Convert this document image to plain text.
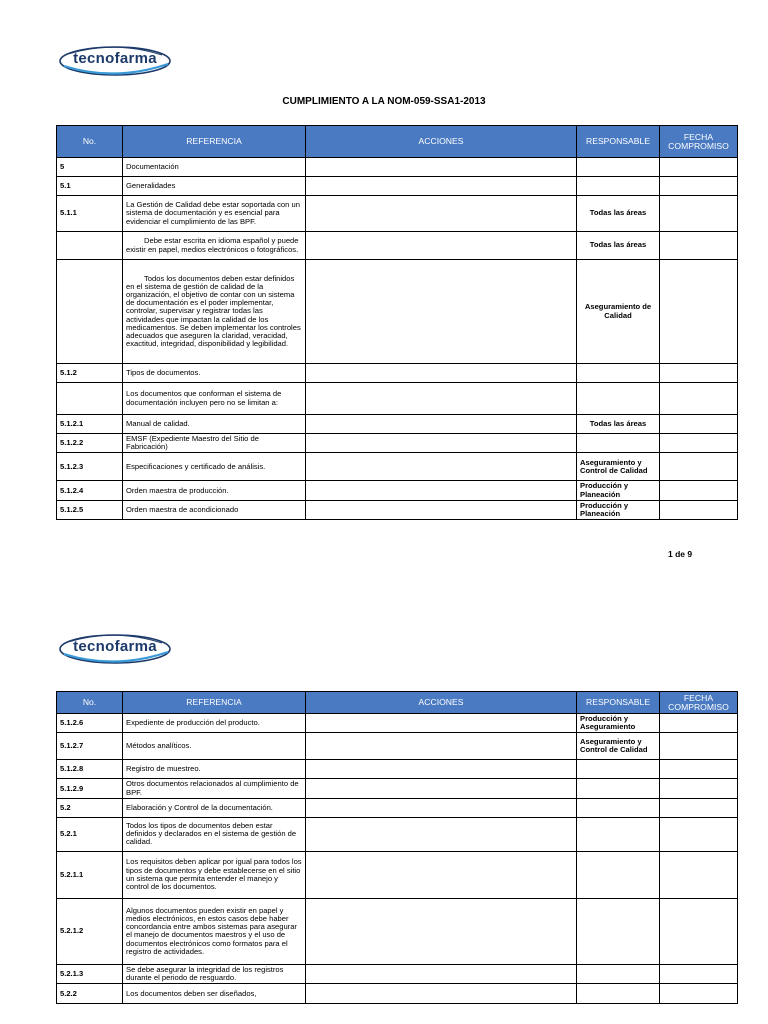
tecnofarma
CUMPLIMIENTO A LA NOM-059-SSA1-2013
No.	REFERENCIA	ACCIONES	RESPONSABLE	FECHA COMPROMISO
5	Documentación			
5.1	Generalidades			
5.1.1	La Gestión de Calidad debe estar soportada con un sistema de documentación y es esencial para evidenciar el cumplimiento de las BPF.		Todas las áreas	
	Debe estar escrita en idioma español y puede existir en papel, medios electrónicos o fotográficos.		Todas las áreas	
	Todos los documentos deben estar definidos en el sistema de gestión de calidad de la organización, el objetivo de contar con un sistema de documentación es el poder implementar, controlar, supervisar y registrar todas las actividades que impactan la calidad de los medicamentos. Se deben implementar los controles adecuados que aseguren la claridad, veracidad, exactitud, integridad, disponibilidad y legibilidad.		Aseguramiento de Calidad	
5.1.2	Tipos de documentos.			
	Los documentos que conforman el sistema de documentación incluyen pero no se limitan a:			
5.1.2.1	Manual de calidad.		Todas las áreas	
5.1.2.2	EMSF (Expediente Maestro del Sitio de Fabricación)			
5.1.2.3	Especificaciones y certificado de análisis.		Aseguramiento y Control de Calidad	
5.1.2.4	Orden maestra de producción.		Producción y Planeación	
5.1.2.5	Orden maestra de acondicionado		Producción y Planeación	
1 de 9
tecnofarma
No.	REFERENCIA	ACCIONES	RESPONSABLE	FECHA COMPROMISO
5.1.2.6	Expediente de producción del producto.		Producción y Aseguramiento	
5.1.2.7	Métodos analíticos.		Aseguramiento y Control de Calidad	
5.1.2.8	Registro de muestreo.			
5.1.2.9	Otros documentos relacionados al cumplimiento de BPF.			
5.2	Elaboración y Control de la documentación.			
5.2.1	Todos los tipos de documentos deben estar definidos y declarados en el sistema de gestión de calidad.			
5.2.1.1	Los requisitos deben aplicar por igual para todos los tipos de documentos y debe establecerse en el sitio un sistema que permita entender el manejo y control de los documentos.			
5.2.1.2	Algunos documentos pueden existir en papel y medios electrónicos, en estos casos debe haber concordancia entre ambos sistemas para asegurar el manejo de documentos maestros y el uso de documentos electrónicos como formatos para el registro de actividades.			
5.2.1.3	Se debe asegurar la integridad de los registros durante el periodo de resguardo.			
5.2.2	Los documentos deben ser diseñados,			
